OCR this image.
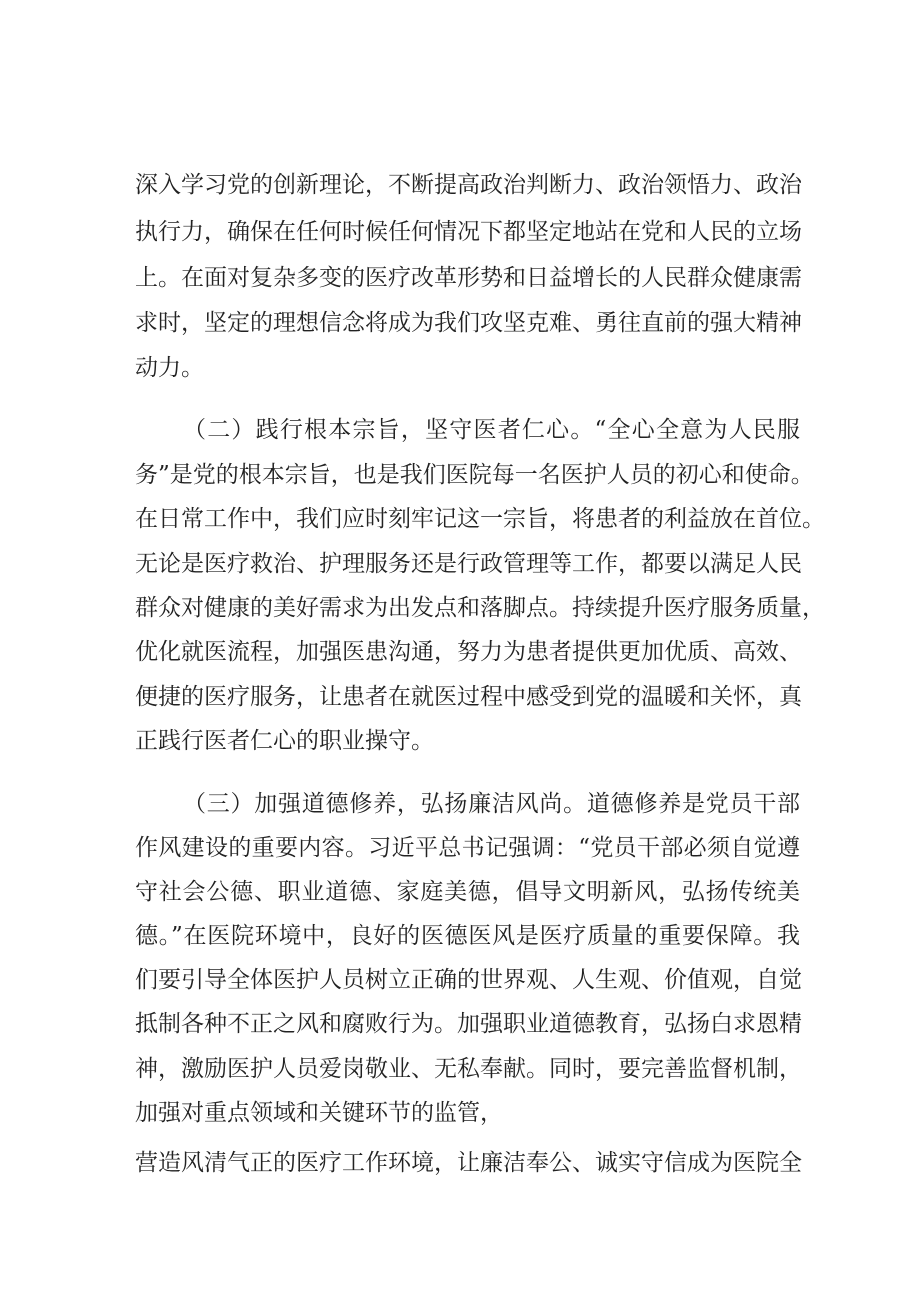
深入学习党的创新理论，不断提高政治判断力、政治领悟力、政治
执行力，确保在任何时候任何情况下都坚定地站在党和人民的立场
上。在面对复杂多变的医疗改革形势和日益增长的人民群众健康需
求时，坚定的理想信念将成为我们攻坚克难、勇往直前的强大精神
动力。
（二）践行根本宗旨，坚守医者仁心。“全心全意为人民服
务”是党的根本宗旨，也是我们医院每一名医护人员的初心和使命。
在日常工作中，我们应时刻牢记这一宗旨，将患者的利益放在首位。
无论是医疗救治、护理服务还是行政管理等工作，都要以满足人民
群众对健康的美好需求为出发点和落脚点。持续提升医疗服务质量，
优化就医流程，加强医患沟通，努力为患者提供更加优质、高效、
便捷的医疗服务，让患者在就医过程中感受到党的温暖和关怀，真
正践行医者仁心的职业操守。
（三）加强道德修养，弘扬廉洁风尚。道德修养是党员干部
作风建设的重要内容。习近平总书记强调：“党员干部必须自觉遵
守社会公德、职业道德、家庭美德，倡导文明新风，弘扬传统美
德。”在医院环境中，良好的医德医风是医疗质量的重要保障。我
们要引导全体医护人员树立正确的世界观、人生观、价值观，自觉
抵制各种不正之风和腐败行为。加强职业道德教育，弘扬白求恩精
神，激励医护人员爱岗敬业、无私奉献。同时，要完善监督机制，
加强对重点领域和关键环节的监管，
营造风清气正的医疗工作环境，让廉洁奉公、诚实守信成为医院全
